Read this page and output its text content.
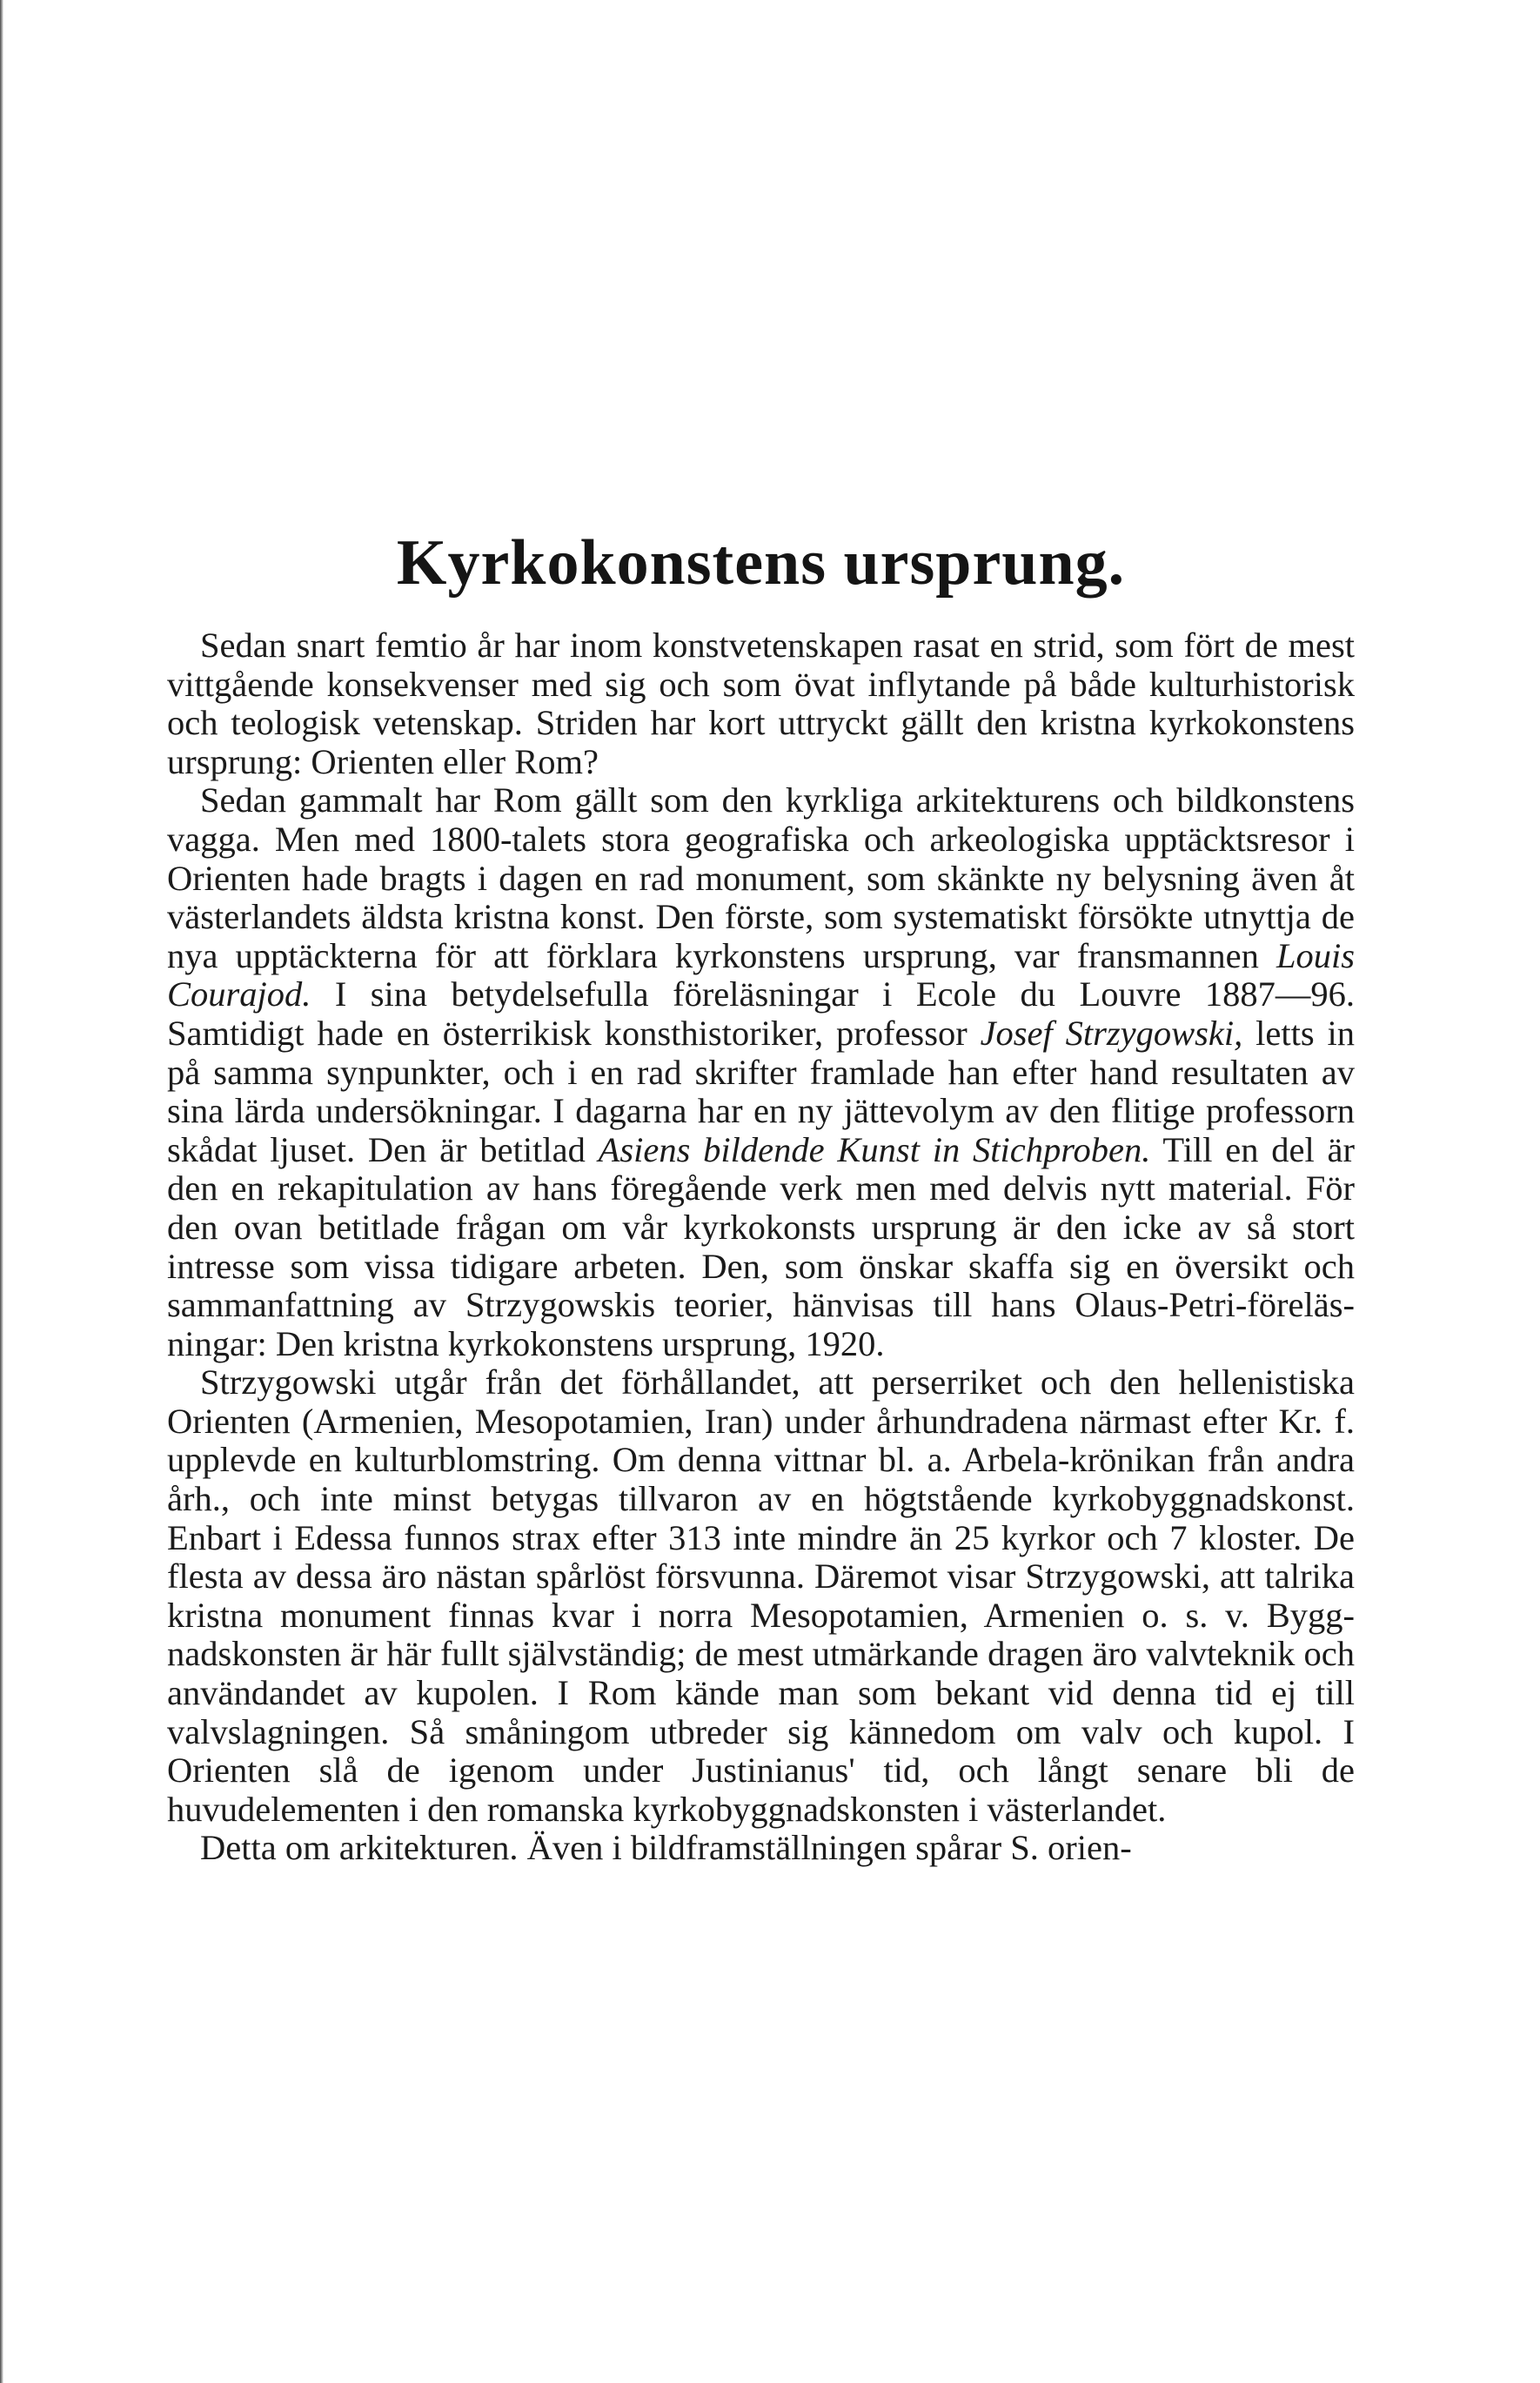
Kyrkokonstens ursprung.

Sedan snart femtio år har inom konstvetenskapen rasat en strid, som fört de mest vittgående konsekvenser med sig och som övat inflytande på både kulturhistorisk och teologisk vetenskap. Striden har kort uttryckt gällt den kristna kyrkokonstens ursprung: Orienten eller Rom?

Sedan gammalt har Rom gällt som den kyrkliga arkitekturens och bildkonstens vagga. Men med 1800-talets stora geografiska och arkeologiska upptäcktsresor i Orienten hade bragts i dagen en rad monument, som skänkte ny belysning även åt västerlandets äldsta kristna konst. Den förste, som systematiskt försökte utnyttja de nya upptäckterna för att förklara kyrkonstens ursprung, var fransmannen Louis Courajod. I sina betydelsefulla föreläsningar i Ecole du Louvre 1887—96. Samtidigt hade en österrikisk konsthistoriker, professor Josef Strzygowski, letts in på samma synpunkter, och i en rad skrifter framlade han efter hand resultaten av sina lärda undersökningar. I dagarna har en ny jättevolym av den flitige professorn skådat ljuset. Den är betitlad Asiens bildende Kunst in Stichproben. Till en del är den en rekapitulation av hans föregående verk men med delvis nytt material. För den ovan betitlade frågan om vår kyrkokonsts ursprung är den icke av så stort intresse som vissa tidigare arbeten. Den, som önskar skaffa sig en översikt och sammanfattning av Strzygowskis teorier, hänvisas till hans Olaus-Petri-föreläsningar: Den kristna kyrkokonstens ursprung, 1920.

Strzygowski utgår från det förhållandet, att perserriket och den hellenistiska Orienten (Armenien, Mesopotamien, Iran) under århundradena närmast efter Kr. f. upplevde en kulturblomstring. Om denna vittnar bl. a. Arbela-krönikan från andra årh., och inte minst betygas tillvaron av en högtstående kyrkobyggnadskonst. Enbart i Edessa funnos strax efter 313 inte mindre än 25 kyrkor och 7 kloster. De flesta av dessa äro nästan spårlöst försvunna. Däremot visar Strzygowski, att talrika kristna monument finnas kvar i norra Mesopotamien, Armenien o. s. v. Byggnadskonsten är här fullt självständig; de mest utmärkande dragen äro valvteknik och användandet av kupolen. I Rom kände man som bekant vid denna tid ej till valvslagningen. Så småningom utbreder sig kännedom om valv och kupol. I Orienten slå de igenom under Justinianus' tid, och långt senare bli de huvudelementen i den romanska kyrkobyggnadskonsten i västerlandet.

Detta om arkitekturen. Även i bildframställningen spårar S. orien-
